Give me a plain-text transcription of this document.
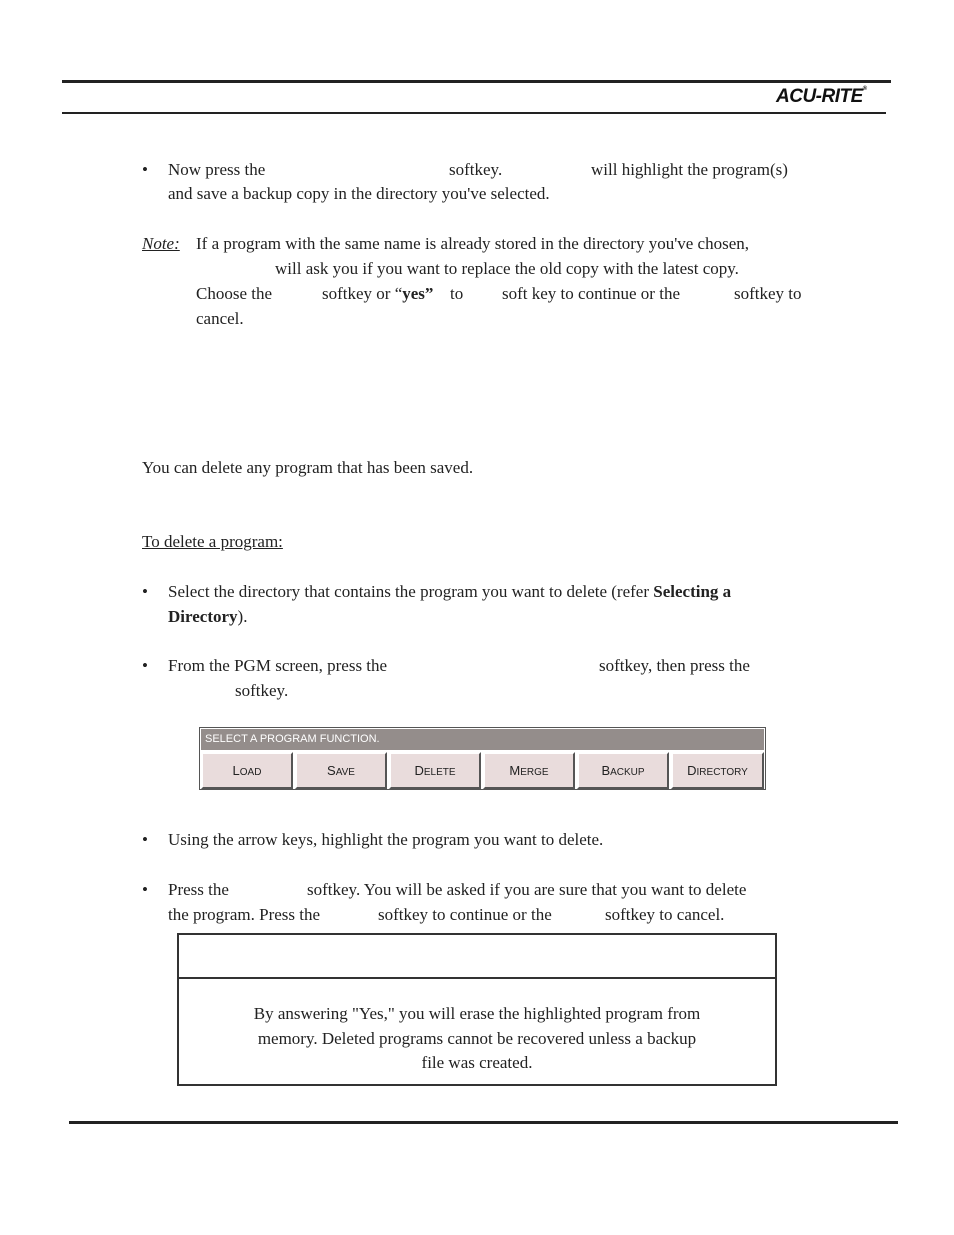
ACU-RITE®
• Now press the	softkey.	will highlight the program(s)
and save a backup copy in the directory you've selected.
Note: If a program with the same name is already stored in the directory you've chosen,
will ask you if you want to replace the old copy with the latest copy.
Choose the	softkey or “yes” to soft key to continue or the	softkey to
cancel.
You can delete any program that has been saved.
To delete a program:
• Select the directory that contains the program you want to delete (refer Selecting a
Directory).
• From the PGM screen, press the	softkey, then press the
softkey.
SELECT A PROGRAM FUNCTION.
LOAD	SAVE	DELETE	MERGE	BACKUP	DIRECTORY
• Using the arrow keys, highlight the program you want to delete.
• Press the	softkey. You will be asked if you are sure that you want to delete
the program. Press the	softkey to continue or the	softkey to cancel.
By answering "Yes," you will erase the highlighted program from
memory. Deleted programs cannot be recovered unless a backup
file was created.
